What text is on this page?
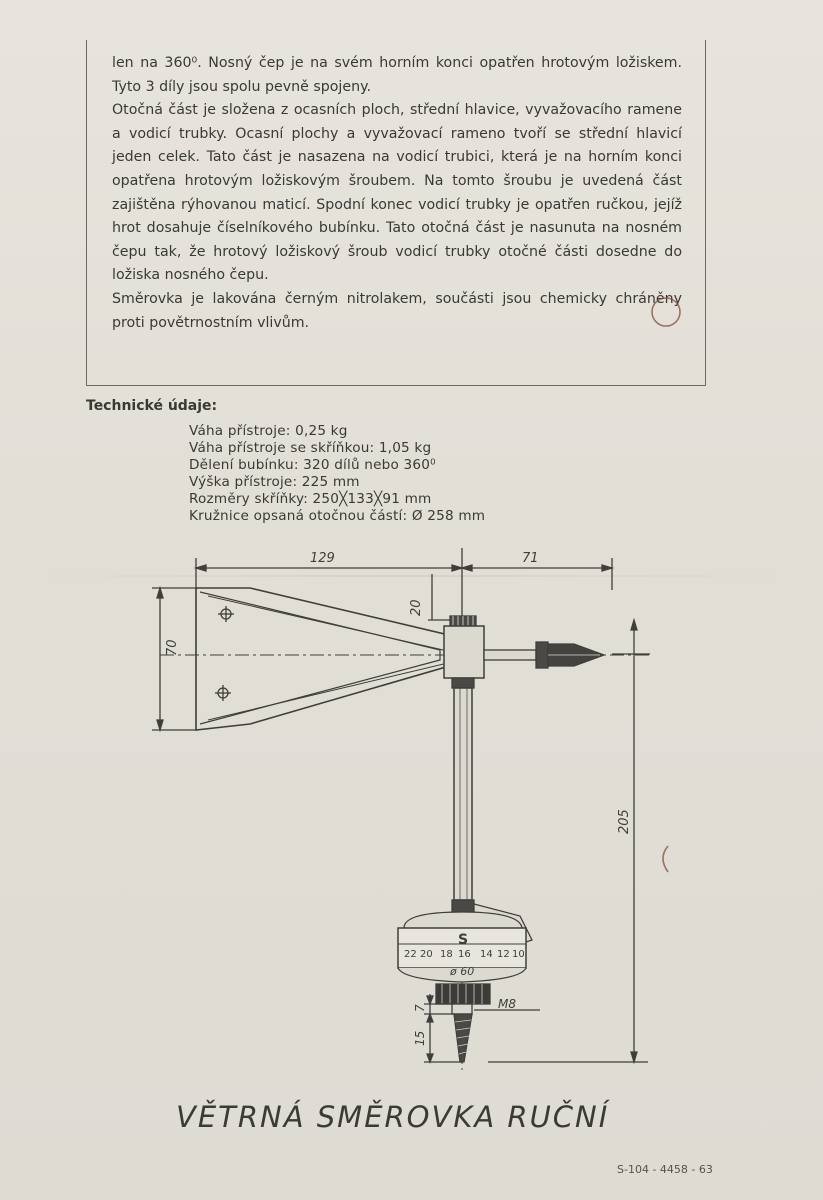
len na 360⁰. Nosný čep je na svém horním konci opatřen hrotovým ložiskem. Tyto 3 díly jsou spolu pevně spojeny.

Otočná část je složena z ocasních ploch, střední hlavice, vyvažovacího ramene a vodicí trubky. Ocasní plochy a vyvažovací rameno tvoří se střední hlavicí jeden celek. Tato část je nasazena na vodicí trubici, která je na horním konci opatřena hrotovým ložiskovým šroubem. Na tomto šroubu je uvedená část zajištěna rýhovanou maticí. Spodní konec vodicí trubky je opatřen ručkou, jejíž hrot dosahuje číselníkového bubínku. Tato otočná část je nasunuta na nosném čepu tak, že hrotový ložiskový šroub vodicí trubky otočné části dosedne do ložiska nosného čepu.

Směrovka je lakována černým nitrolakem, součásti jsou chemicky chráněny proti povětrnostním vlivům.

Technické údaje:
Váha přístroje: 0,25 kg
Váha přístroje se skříňkou: 1,05 kg
Dělení bubínku: 320 dílů nebo 360⁰
Výška přístroje: 225 mm
Rozměry skříňky: 250╳133╳91 mm
Kružnice opsaná otočnou částí: Ø 258 mm
129	71
70
20
205
S
22 20 18 16 14 12 10
ø 60
M8
7
15
VĚTRNÁ SMĚROVKA RUČNÍ
S-104 - 4458 - 63
